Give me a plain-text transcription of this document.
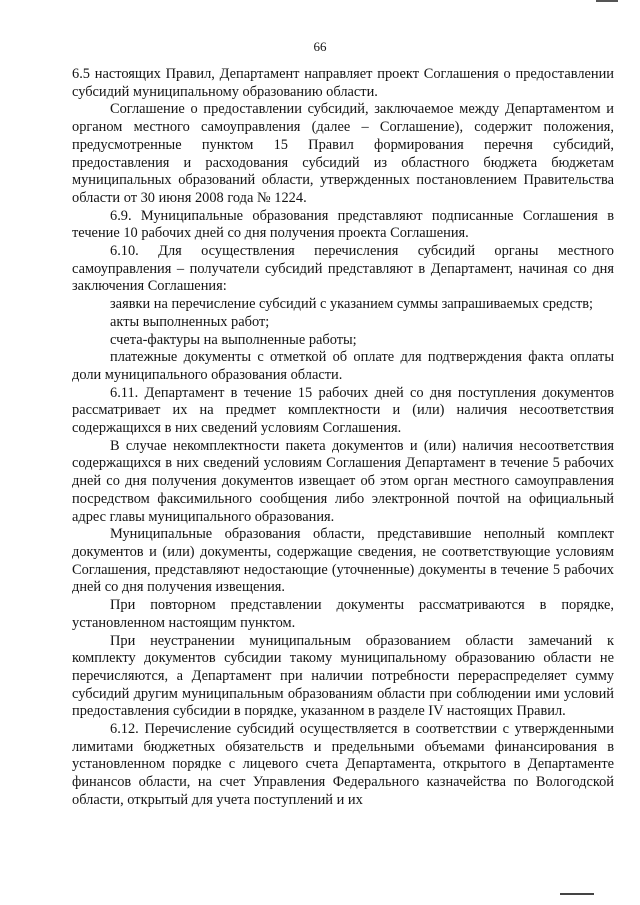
66

6.5 настоящих Правил, Департамент направляет проект Соглашения о предоставлении субсидий муниципальному образованию области.

Соглашение о предоставлении субсидий, заключаемое между Департаментом и органом местного самоуправления (далее – Соглашение), содержит положения, предусмотренные пунктом 15 Правил формирования перечня субсидий, предоставления и расходования субсидий из областного бюджета бюджетам муниципальных образований области, утвержденных постановлением Правительства области от 30 июня 2008 года № 1224.

6.9. Муниципальные образования представляют подписанные Соглашения в течение 10 рабочих дней со дня получения проекта Соглашения.

6.10. Для осуществления перечисления субсидий органы местного самоуправления – получатели субсидий представляют в Департамент, начиная со дня заключения Соглашения:

заявки на перечисление субсидий с указанием суммы запрашиваемых средств;

акты выполненных работ;

счета-фактуры на выполненные работы;

платежные документы с отметкой об оплате для подтверждения факта оплаты доли муниципального образования области.

6.11. Департамент в течение 15 рабочих дней со дня поступления документов рассматривает их на предмет комплектности и (или) наличия несоответствия содержащихся в них сведений условиям Соглашения.

В случае некомплектности пакета документов и (или) наличия несоответствия содержащихся в них сведений условиям Соглашения Департамент в течение 5 рабочих дней со дня получения документов извещает об этом орган местного самоуправления посредством факсимильного сообщения либо электронной почтой на официальный адрес главы муниципального образования.

Муниципальные образования области, представившие неполный комплект документов и (или) документы, содержащие сведения, не соответствующие условиям Соглашения, представляют недостающие (уточненные) документы в течение 5 рабочих дней со дня получения извещения.

При повторном представлении документы рассматриваются в порядке, установленном настоящим пунктом.

При неустранении муниципальным образованием области замечаний к комплекту документов субсидии такому муниципальному образованию области не перечисляются, а Департамент при наличии потребности перераспределяет сумму субсидий другим муниципальным образованиям области при соблюдении ими условий предоставления субсидии в порядке, указанном в разделе IV настоящих Правил.

6.12. Перечисление субсидий осуществляется в соответствии с утвержденными лимитами бюджетных обязательств и предельными объемами финансирования в установленном порядке с лицевого счета Департамента, открытого в Департаменте финансов области, на счет Управления Федерального казначейства по Вологодской области, открытый для учета поступлений и их
